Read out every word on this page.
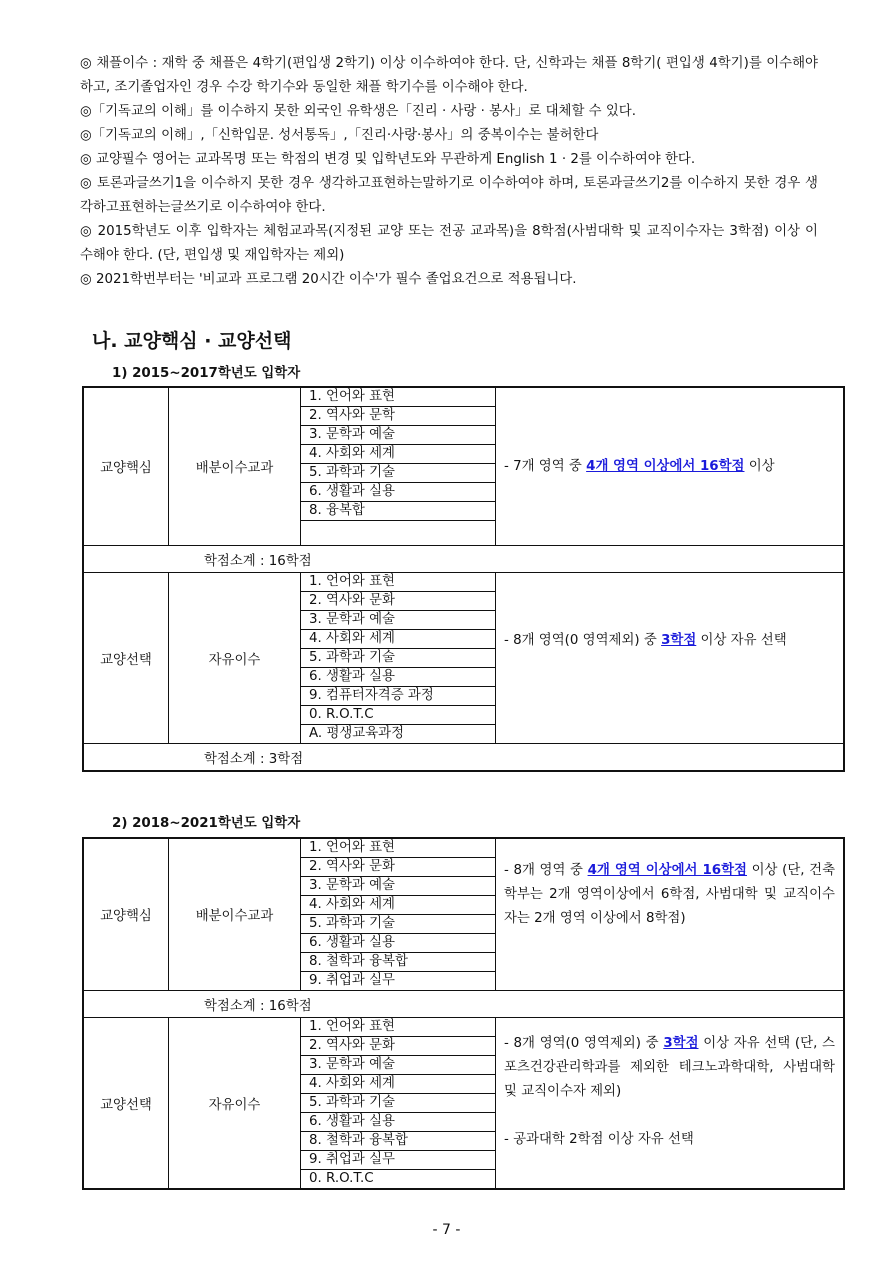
◎ 채플이수 : 재학 중 채플은 4학기(편입생 2학기) 이상 이수하여야 한다. 단, 신학과는 채플 8학기( 편입생 4학기)를 이수해야 하고, 조기졸업자인 경우 수강 학기수와 동일한 채플 학기수를 이수해야 한다.

◎「기독교의 이해」를 이수하지 못한 외국인 유학생은「진리 · 사랑 · 봉사」로 대체할 수 있다.

◎「기독교의 이해」,「신학입문. 성서통독」,「진리·사랑·봉사」의 중복이수는 불허한다

◎ 교양필수 영어는 교과목명 또는 학점의 변경 및 입학년도와 무관하게 English 1 · 2를 이수하여야 한다.

◎ 토론과글쓰기1을 이수하지 못한 경우 생각하고표현하는말하기로 이수하여야 하며, 토론과글쓰기2를 이수하지 못한 경우 생각하고표현하는글쓰기로 이수하여야 한다.

◎ 2015학년도 이후 입학자는 체험교과목(지정된 교양 또는 전공 교과목)을 8학점(사범대학 및 교직이수자는 3학점) 이상 이수해야 한다. (단, 편입생 및 재입학자는 제외)

◎ 2021학번부터는 '비교과 프로그램 20시간 이수'가 필수 졸업요건으로 적용됩니다.

나. 교양핵심 · 교양선택
1) 2015~2017학년도 입학자
교양핵심	배분이수교과	1. 언어와 표현	- 7개 영역 중 4개 영역 이상에서 16학점 이상
		2. 역사와 문학	
		3. 문학과 예술	
		4. 사회와 세계	
		5. 과학과 기술	
		6. 생활과 실용	
		8. 융복합	

학점소계 : 16학점			
교양선택	자유이수	1. 언어와 표현	- 8개 영역(0 영역제외) 중 3학점 이상 자유 선택
		2. 역사와 문화	
		3. 문학과 예술	
		4. 사회와 세계	
		5. 과학과 기술	
		6. 생활과 실용	
		9. 컴퓨터자격증 과정	
		0. R.O.T.C	
		A. 평생교육과정	
학점소계 : 3학점			
2) 2018~2021학년도 입학자
교양핵심	배분이수교과	1. 언어와 표현	- 8개 영역 중 4개 영역 이상에서 16학점 이상 (단, 건축학부는 2개 영역이상에서 6학점, 사범대학 및 교직이수자는 2개 영역 이상에서 8학점)
		2. 역사와 문화	
		3. 문학과 예술	
		4. 사회와 세계	
		5. 과학과 기술	
		6. 생활과 실용	
		8. 철학과 융복합	
		9. 취업과 실무	
학점소계 : 16학점			
교양선택	자유이수	1. 언어와 표현	- 8개 영역(0 영역제외) 중 3학점 이상 자유 선택 (단, 스포츠건강관리학과를 제외한 테크노과학대학, 사범대학 및 교직이수자 제외)
- 공과대학 2학점 이상 자유 선택

		2. 역사와 문화	
		3. 문학과 예술	
		4. 사회와 세계	
		5. 과학과 기술	
		6. 생활과 실용	
		8. 철학과 융복합	
		9. 취업과 실무	
		0. R.O.T.C	
- 7 -
